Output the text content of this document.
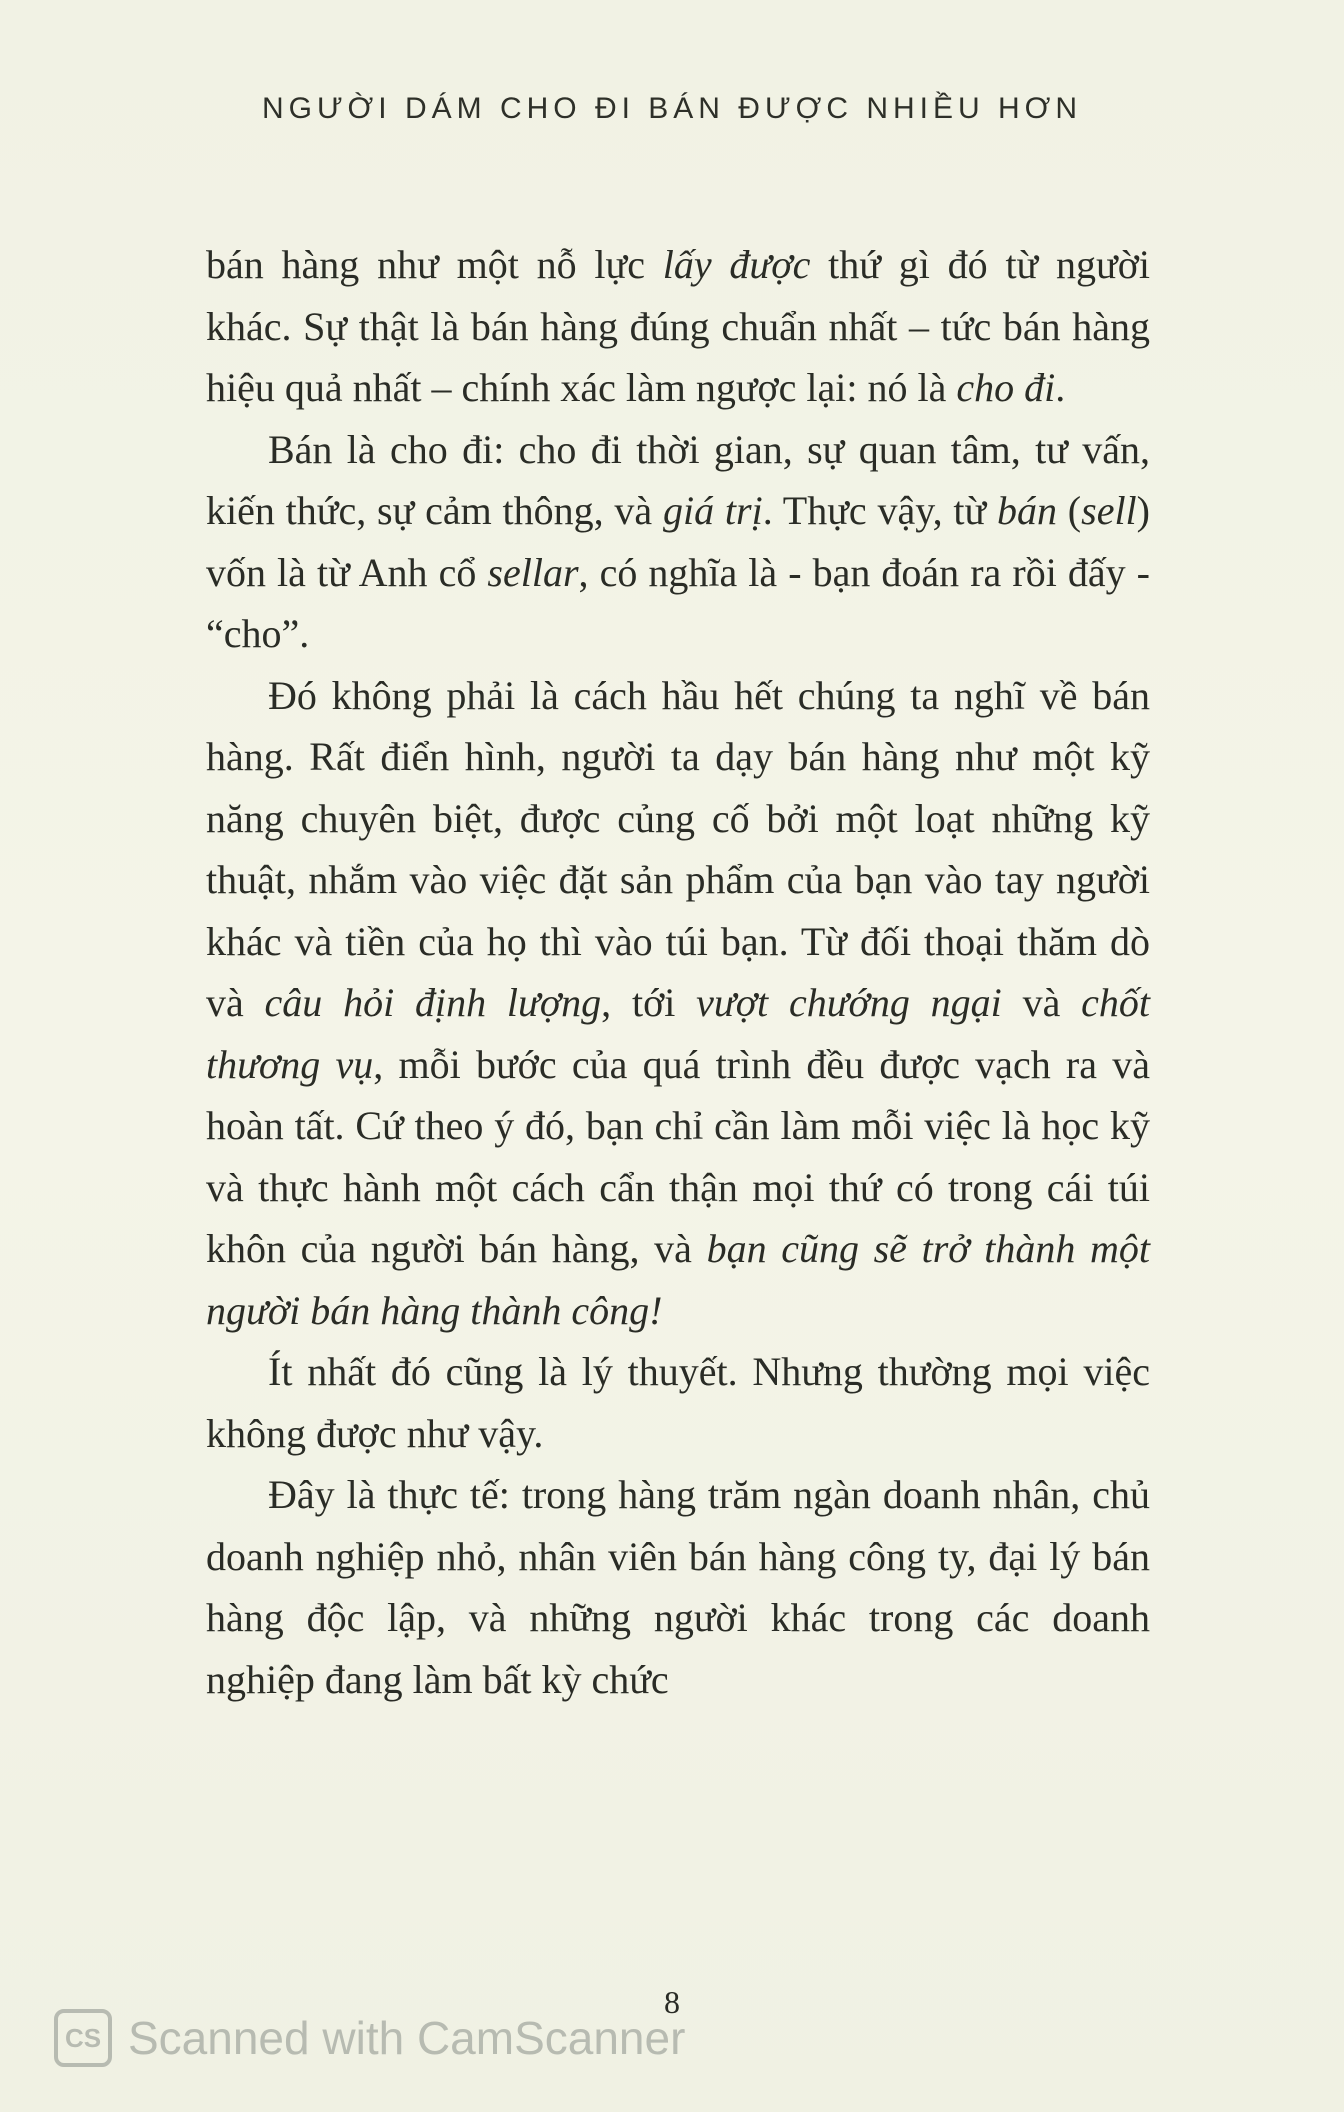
NGƯỜI DÁM CHO ĐI BÁN ĐƯỢC NHIỀU HƠN

bán hàng như một nỗ lực lấy được thứ gì đó từ người khác. Sự thật là bán hàng đúng chuẩn nhất – tức bán hàng hiệu quả nhất – chính xác làm ngược lại: nó là cho đi.

Bán là cho đi: cho đi thời gian, sự quan tâm, tư vấn, kiến thức, sự cảm thông, và giá trị. Thực vậy, từ bán (sell) vốn là từ Anh cổ sellar, có nghĩa là - bạn đoán ra rồi đấy - “cho”.

Đó không phải là cách hầu hết chúng ta nghĩ về bán hàng. Rất điển hình, người ta dạy bán hàng như một kỹ năng chuyên biệt, được củng cố bởi một loạt những kỹ thuật, nhắm vào việc đặt sản phẩm của bạn vào tay người khác và tiền của họ thì vào túi bạn. Từ đối thoại thăm dò và câu hỏi định lượng, tới vượt chướng ngại và chốt thương vụ, mỗi bước của quá trình đều được vạch ra và hoàn tất. Cứ theo ý đó, bạn chỉ cần làm mỗi việc là học kỹ và thực hành một cách cẩn thận mọi thứ có trong cái túi khôn của người bán hàng, và bạn cũng sẽ trở thành một người bán hàng thành công!

Ít nhất đó cũng là lý thuyết. Nhưng thường mọi việc không được như vậy.

Đây là thực tế: trong hàng trăm ngàn doanh nhân, chủ doanh nghiệp nhỏ, nhân viên bán hàng công ty, đại lý bán hàng độc lập, và những người khác trong các doanh nghiệp đang làm bất kỳ chức

8
CS Scanned with CamScanner
